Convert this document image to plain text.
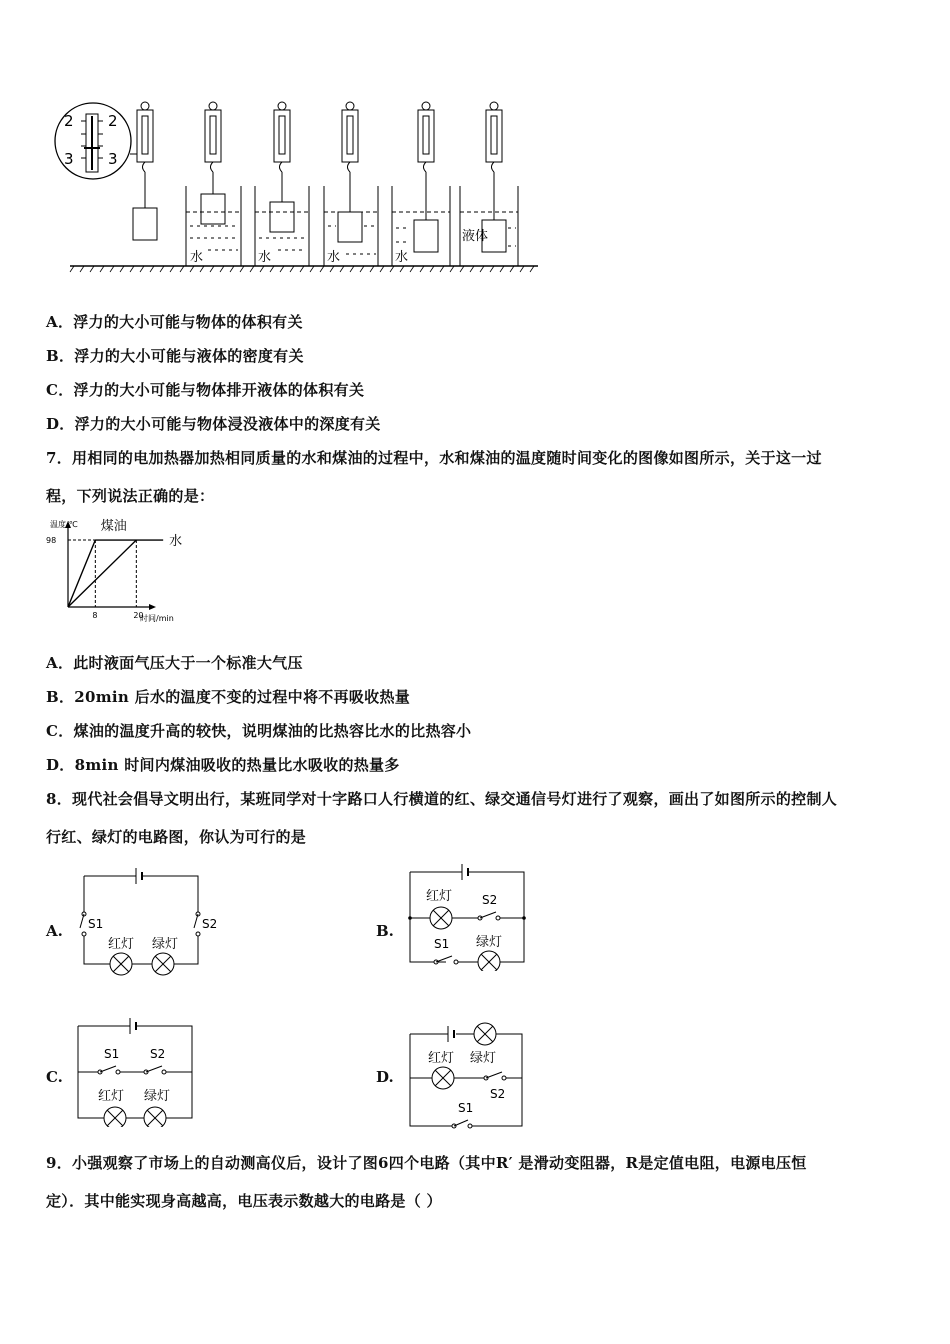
2 2
3 3
水	水	水	水
液体
A．浮力的大小可能与物体的体积有关
B．浮力的大小可能与液体的密度有关
C．浮力的大小可能与物体排开液体的体积有关
D．浮力的大小可能与物体浸没液体中的深度有关
7．用相同的电加热器加热相同质量的水和煤油的过程中，水和煤油的温度随时间变化的图像如图所示，关于这一过
程，下列说法正确的是：
温度/℃
时间/min
98
8	20
煤油
水
A．此时液面气压大于一个标准大气压
B．20min 后水的温度不变的过程中将不再吸收热量
C．煤油的温度升高的较快，说明煤油的比热容比水的比热容小
D．8min 时间内煤油吸收的热量比水吸收的热量多
8．现代社会倡导文明出行，某班同学对十字路口人行横道的红、绿交通信号灯进行了观察，画出了如图所示的控制人
行红、绿灯的电路图，你认为可行的是
A. S1	S2
红灯 绿灯
B.
红灯 S2
S1 绿灯
C.
S1	S2
红灯 绿灯
D.
红灯 绿灯
S2
S1
9．小强观察了市场上的自动测高仪后，设计了图6四个电路（其中R′ 是滑动变阻器，R是定值电阻，电源电压恒
定）．其中能实现身高越高，电压表示数越大的电路是（ ）
